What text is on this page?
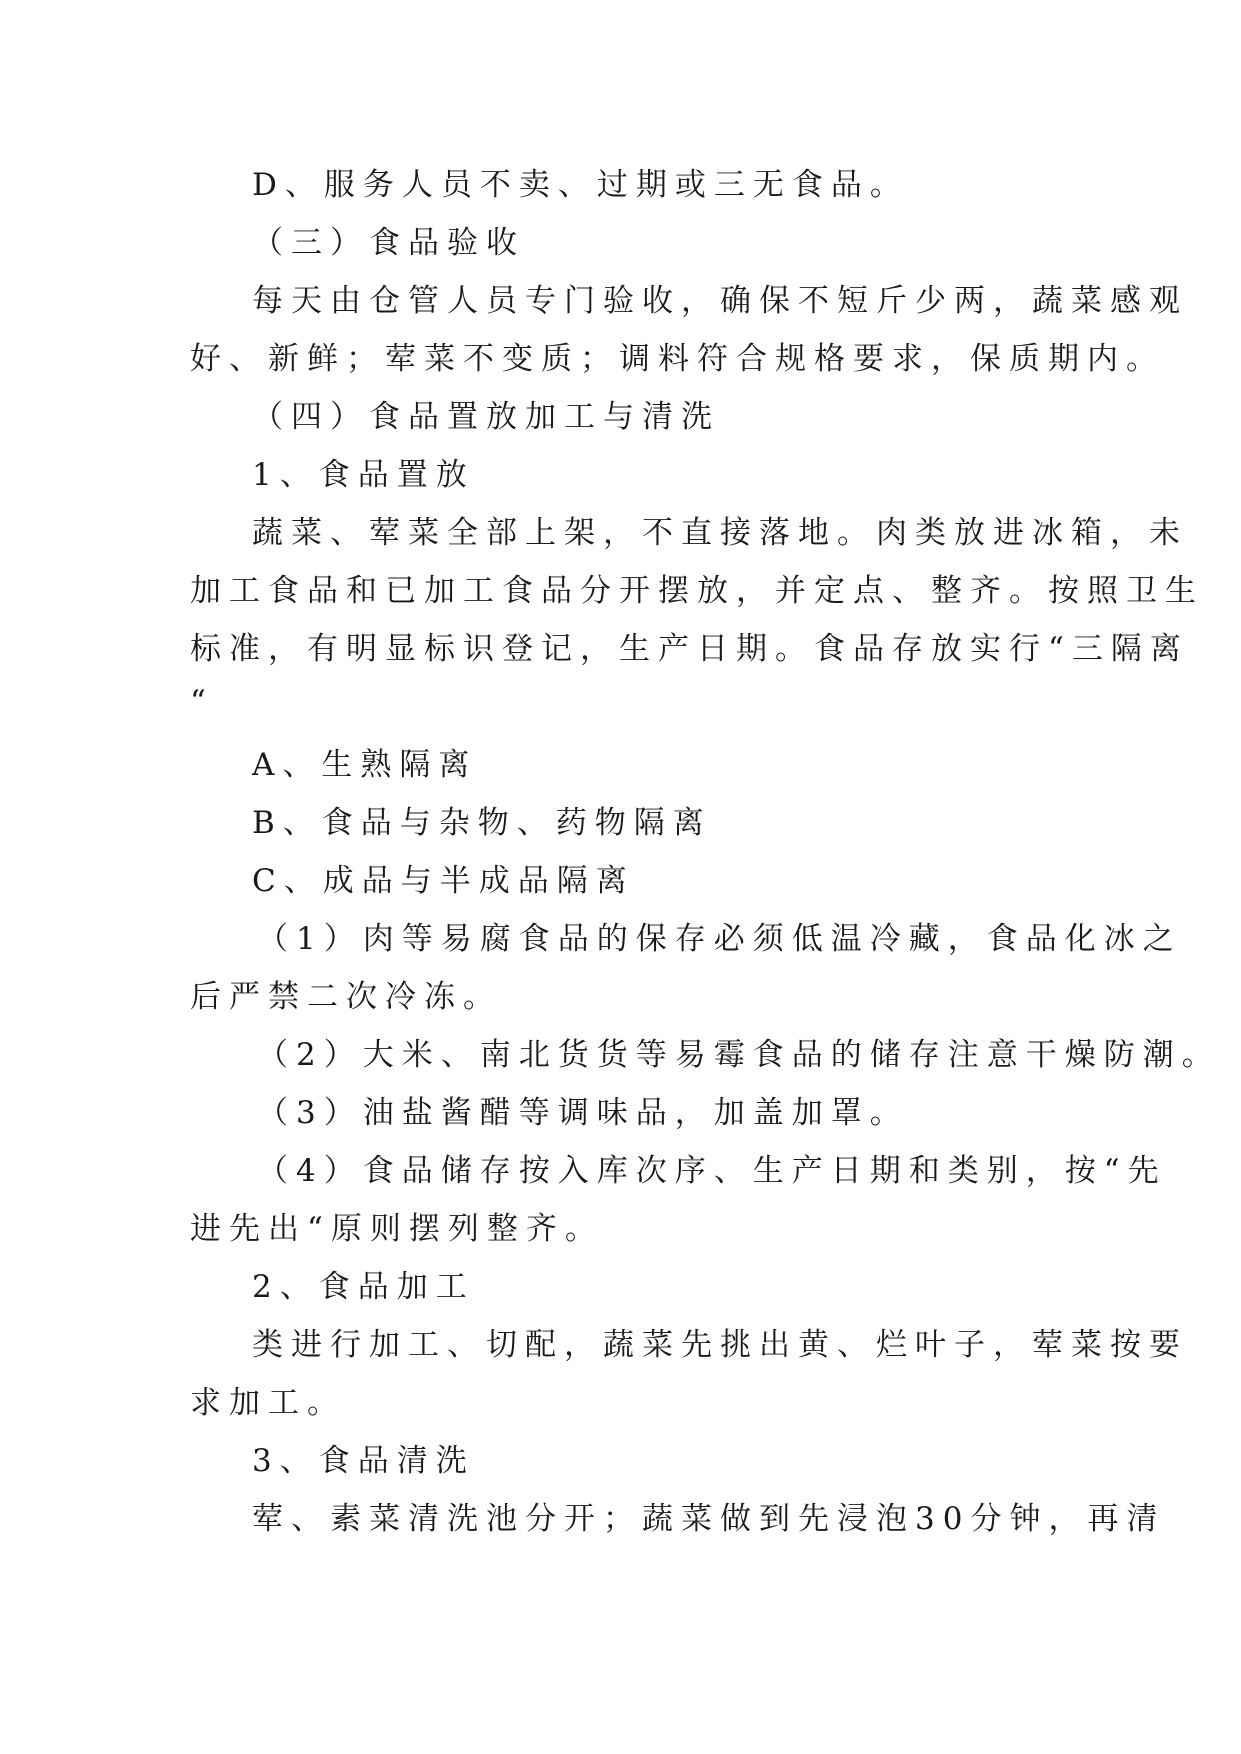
D、服务人员不卖、过期或三无食品。
（三）食品验收
每天由仓管人员专门验收，确保不短斤少两，蔬菜感观
好、新鲜；荤菜不变质；调料符合规格要求，保质期内。
（四）食品置放加工与清洗
1、食品置放
蔬菜、荤菜全部上架，不直接落地。肉类放进冰箱，未
加工食品和已加工食品分开摆放，并定点、整齐。按照卫生
标准，有明显标识登记，生产日期。食品存放实行“三隔离
“
A、生熟隔离
B、食品与杂物、药物隔离
C、成品与半成品隔离
（1）肉等易腐食品的保存必须低温冷藏，食品化冰之
后严禁二次冷冻。
（2）大米、南北货货等易霉食品的储存注意干燥防潮。
（3）油盐酱醋等调味品，加盖加罩。
（4）食品储存按入库次序、生产日期和类别，按“先
进先出“原则摆列整齐。
2、食品加工
类进行加工、切配，蔬菜先挑出黄、烂叶子，荤菜按要
求加工。
3、食品清洗
荤、素菜清洗池分开；蔬菜做到先浸泡30分钟，再清
